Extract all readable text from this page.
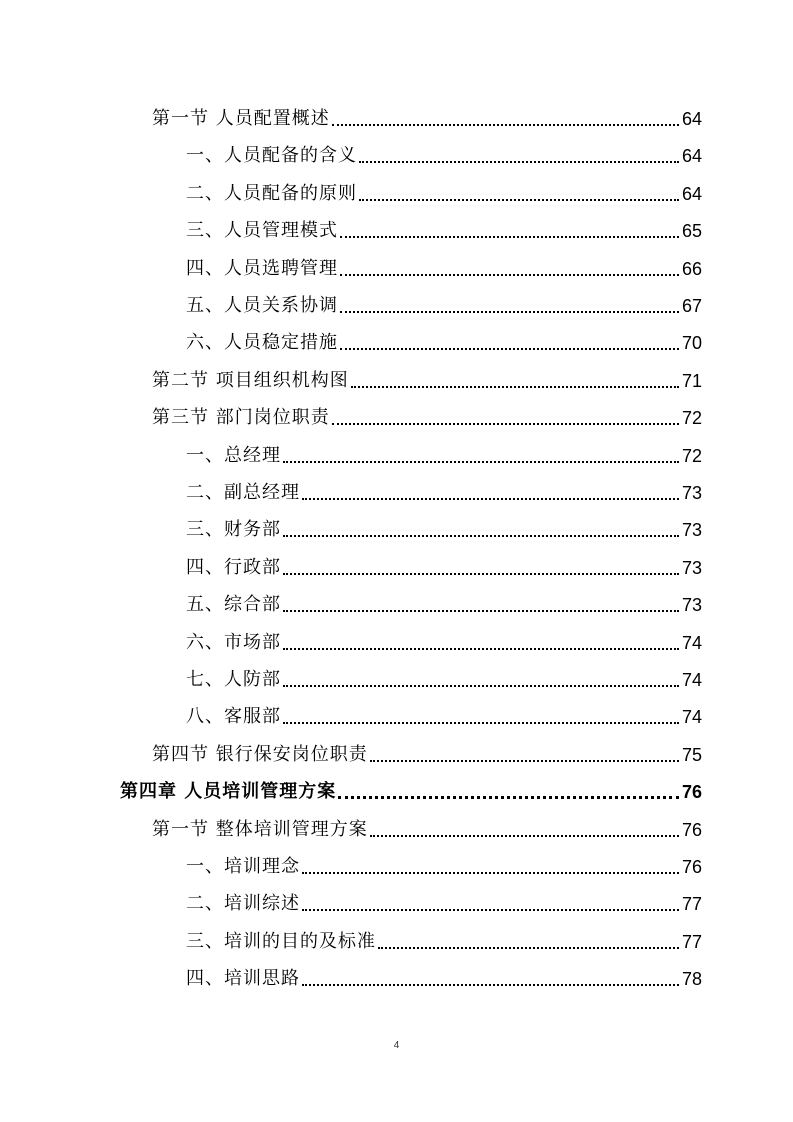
第一节 人员配置概述	64
一、人员配备的含义	64
二、人员配备的原则	64
三、人员管理模式	65
四、人员选聘管理	66
五、人员关系协调	67
六、人员稳定措施	70
第二节 项目组织机构图	71
第三节 部门岗位职责	72
一、总经理	72
二、副总经理	73
三、财务部	73
四、行政部	73
五、综合部	73
六、市场部	74
七、人防部	74
八、客服部	74
第四节 银行保安岗位职责	75
第四章 人员培训管理方案	76
第一节 整体培训管理方案	76
一、培训理念	76
二、培训综述	77
三、培训的目的及标准	77
四、培训思路	78
4
